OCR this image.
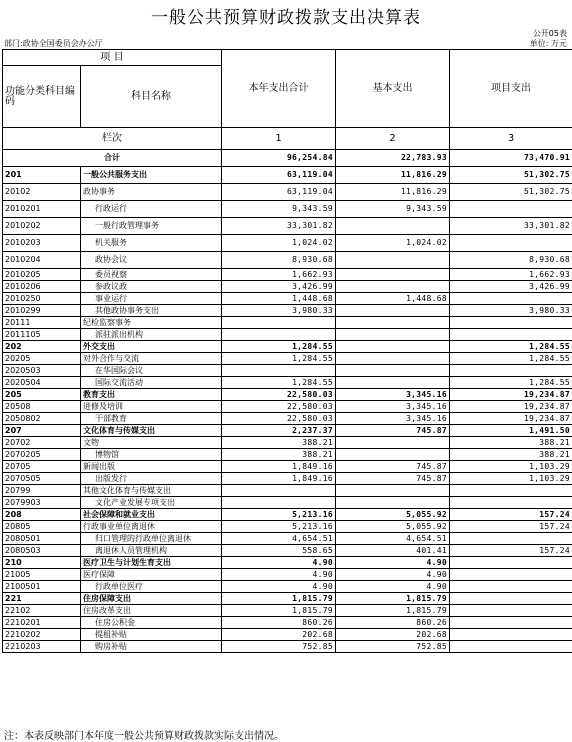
一般公共预算财政拨款支出决算表
公开05表
部门:政协全国委员会办公厅	单位: 万元
项 目		本年支出合计	基本支出	项目支出
功能分类科目编码	科目名称			
栏次		1	2	3
合计		96,254.84	22,783.93	73,470.91
201	一般公共服务支出	63,119.04	11,816.29	51,302.75
20102	政协事务	63,119.04	11,816.29	51,302.75
2010201	行政运行	9,343.59	9,343.59	
2010202	一般行政管理事务	33,301.82		33,301.82
2010203	机关服务	1,024.02	1,024.02	
2010204	政协会议	8,930.68		8,930.68
2010205	委员视察	1,662.93		1,662.93
2010206	参政议政	3,426.99		3,426.99
2010250	事业运行	1,448.68	1,448.68	
2010299	其他政协事务支出	3,980.33		3,980.33
20111	纪检监察事务			
2011105	派驻派出机构			
202	外交支出	1,284.55		1,284.55
20205	对外合作与交流	1,284.55		1,284.55
2020503	在华国际会议			
2020504	国际交流活动	1,284.55		1,284.55
205	教育支出	22,580.03	3,345.16	19,234.87
20508	进修及培训	22,580.03	3,345.16	19,234.87
2050802	干部教育	22,580.03	3,345.16	19,234.87
207	文化体育与传媒支出	2,237.37	745.87	1,491.50
20702	文物	388.21		388.21
2070205	博物馆	388.21		388.21
20705	新闻出版	1,849.16	745.87	1,103.29
2070505	出版发行	1,849.16	745.87	1,103.29
20799	其他文化体育与传媒支出			
2079903	文化产业发展专项支出			
208	社会保障和就业支出	5,213.16	5,055.92	157.24
20805	行政事业单位离退休	5,213.16	5,055.92	157.24
2080501	归口管理的行政单位离退休	4,654.51	4,654.51	
2080503	离退休人员管理机构	558.65	401.41	157.24
210	医疗卫生与计划生育支出	4.90	4.90	
21005	医疗保障	4.90	4.90	
2100501	行政单位医疗	4.90	4.90	
221	住房保障支出	1,815.79	1,815.79	
22102	住房改革支出	1,815.79	1,815.79	
2210201	住房公积金	860.26	860.26	
2210202	提租补贴	202.68	202.68	
2210203	购房补贴	752.85	752.85	
注：本表反映部门本年度一般公共预算财政拨款实际支出情况。
